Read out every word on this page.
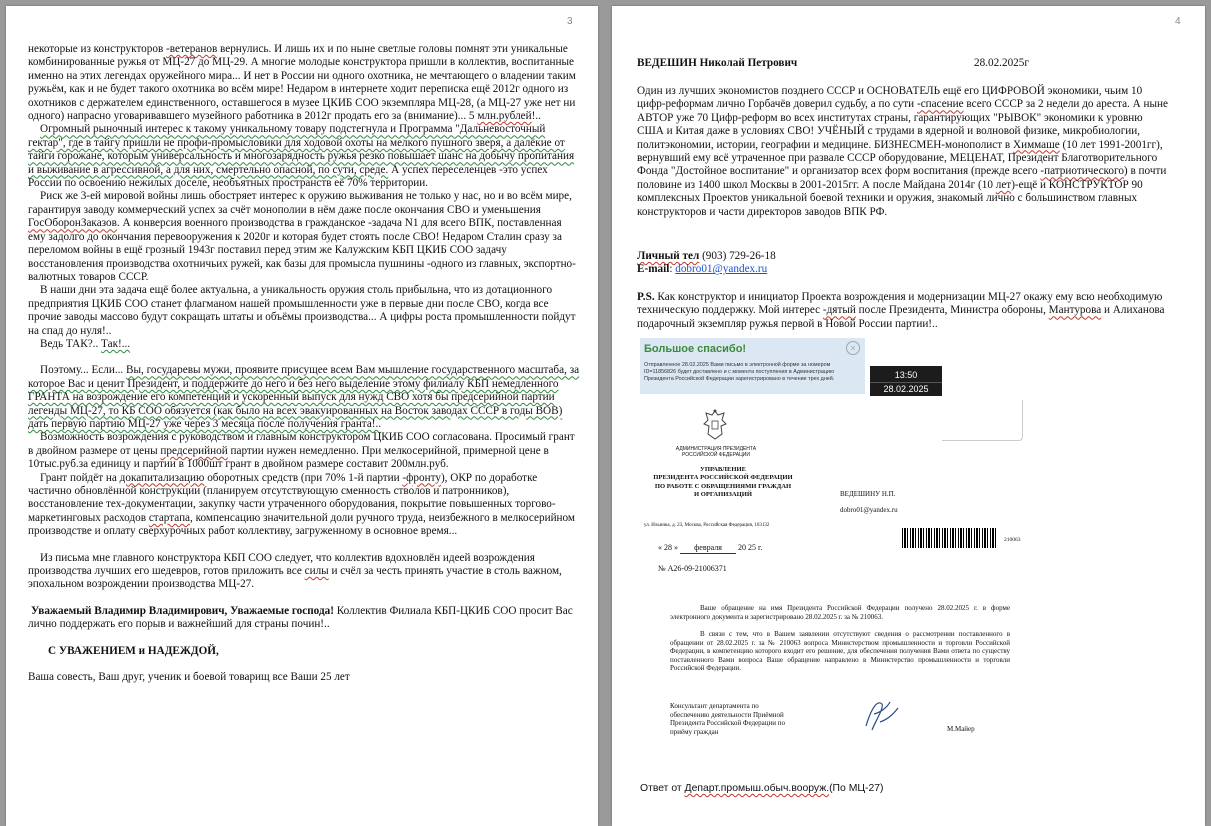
3

некоторые из конструкторов -ветеранов вернулись. И лишь их и по ныне светлые головы помнят эти уникальные комбинированные ружья от МЦ-27 до МЦ-29. А многие молодые конструктора пришли в коллектив, воспитанные именно на этих легендах оружейного мира... И нет в России ни одного охотника, не мечтающего о владении таким ружьём, как и не будет такого охотника во всём мире! Недаром в интернете ходит переписка ещё 2012г одного из охотников с держателем единственного, оставшегося в музее ЦКИБ СОО экземпляра МЦ-28, (а МЦ-27 уже нет ни одного) напрасно уговаривавшего музейного работника в 2012г продать его за (внимание)... 5 млн.рублей!..

Огромный рыночный интерес к такому уникальному товару подстегнула и Программа "Дальневосточный гектар", где в тайгу пришли не профи-промысловики для ходовой охоты на мелкого пушного зверя, а далёкие от тайги горожане, которым универсальность и многозарядность ружья резко повышает шанс на добычу пропитания и выживание в агрессивной, а для них, смертельно опасной, по сути, среде. А успех переселенцев -это успех России по освоению нежилых доселе, необъятных пространств её 70% территории.

Риск же 3-ей мировой войны лишь обостряет интерес к оружию выживания не только у нас, но и во всём мире, гарантируя заводу коммерческий успех за счёт монополии в нём даже после окончания СВО и уменьшения ГосОборонЗаказов. А конверсия военного производства в гражданское -задача N1 для всего ВПК, поставленная ему задолго до окончания перевооружения к 2020г и которая будет стоять после СВО! Недаром Сталин сразу за переломом войны в ещё грозный 1943г поставил перед этим же Калужским КБП ЦКИБ СОО задачу восстановления производства охотничьих ружей, как базы для промысла пушнины -одного из главных, экспортно-валютных товаров СССР.

В наши дни эта задача ещё более актуальна, а уникальность оружия столь прибыльна, что из дотационного предприятия ЦКИБ СОО станет флагманом нашей промышленности уже в первые дни после СВО, когда все прочие заводы массово будут сокращать штаты и объёмы производства... А цифры роста промышленности пойдут на спад до нуля!..

Ведь ТАК?.. Так!...

Поэтому... Если... Вы, государевы мужи, проявите присущее всем Вам мышление государственного масштаба, за которое Вас и ценит Президент, и поддержите до него и без него выделение этому филиалу КБП немедленного ГРАНТА на возрождение его компетенций и ускоренный выпуск для нужд СВО хотя бы предсерийной партии легенды МЦ-27, то КБ СОО обязуется (как было на всех эвакуированных на Восток заводах СССР в годы ВОВ) дать первую партию МЦ-27 уже через 3 месяца после получения гранта!..

Возможность возрождения с руководством и главным конструктором ЦКИБ СОО согласована. Просимый грант в двойном размере от цены предсерийной партии нужен немедленно. При мелкосерийной, примерной цене в 10тыс.руб.за единицу и партии в 1000шт грант в двойном размере составит 200млн.руб.

Грант пойдёт на докапитализацию оборотных средств (при 70% 1-й партии -фронту), ОКР по доработке частично обновлённой конструкции (планируем отсутствующую сменность стволов и патронников), восстановление тех-документации, закупку части утраченного оборудования, покрытие повышенных торгово-маркетинговых расходов стартапа, компенсацию значительной доли ручного труда, неизбежного в мелкосерийном производстве и оплату сверхурочных работ коллективу, загруженному в основное время...

Из письма мне главного конструктора КБП СОО следует, что коллектив вдохновлён идеей возрождения производства лучших его шедевров, готов приложить все силы и счёл за честь принять участие в столь важном, эпохальном возрождении производства МЦ-27.

Уважаемый Владимир Владимирович, Уважаемые господа! Коллектив Филиала КБП-ЦКИБ СОО просит Вас лично поддержать его порыв и важнейший для страны почин!..

С УВАЖЕНИЕМ и НАДЕЖДОЙ,

Ваша совесть, Ваш друг, ученик и боевой товарищ все Ваши 25 лет

4
ВЕДЕШИН Николай Петрович	28.02.2025г

Один из лучших экономистов позднего СССР и ОСНОВАТЕЛЬ ещё его ЦИФРОВОЙ экономики, чьим 10 цифр-реформам лично Горбачёв доверил судьбу, а по сути -спасение всего СССР за 2 недели до ареста. А ныне АВТОР уже 70 Цифр-реформ во всех институтах страны, гарантирующих "РЫВОК" экономики к уровню США и Китая даже в условиях СВО! УЧЁНЫЙ с трудами в ядерной и волновой физике, микробиологии, политэкономии, истории, географии и медицине. БИЗНЕСМЕН-монополист в Химмаше (10 лет 1991-2001гг), вернувший ему всё утраченное при развале СССР оборудование, МЕЦЕНАТ, Президент Благотворительного Фонда "Достойное воспитание" и организатор всех форм воспитания (прежде всего -патриотического) в почти половине из 1400 школ Москвы в 2001-2015гг. А после Майдана 2014г (10 лет)-ещё и КОНСТРУКТОР 90 комплексных Проектов уникальной боевой техники и оружия, знакомый лично с большинством главных конструкторов и части директоров заводов ВПК РФ.

Личный тел (903) 729-26-18

E-mail: dobro01@yandex.ru

P.S. Как конструктор и инициатор Проекта возрождения и модернизации МЦ-27 окажу ему всю необходимую техническую поддержку. Мой интерес -дятый после Президента, Министра обороны, Мантурова и Алиханова подарочный экземпляр ружья первой в Новой России партии!..

Большое спасибо!	×
Отправленное 28.02.2025 Вами письмо в электронной форме за номером ID=11856826 будет доставлено и с момента поступления в Администрацию Президента Российской Федерации зарегистрировано в течение трех дней.	13:50
28.02.2025
АДМИНИСТРАЦИЯ ПРЕЗИДЕНТА
РОССИЙСКОЙ ФЕДЕРАЦИИ
УПРАВЛЕНИЕ
ПРЕЗИДЕНТА РОССИЙСКОЙ ФЕДЕРАЦИИ
ПО РАБОТЕ С ОБРАЩЕНИЯМИ ГРАЖДАН
И ОРГАНИЗАЦИЙ
ул. Ильинка, д. 23, Москва, Российская Федерация, 103132
ВЕДЕШИНУ Н.П.
dobro01@yandex.ru
210063
« 28 » февраля 20 25 г.
№ А26-09-21006371
Ваше обращение на имя Президента Российской Федерации получено 28.02.2025 г. в форме электронного документа и зарегистрировано 28.02.2025 г. за № 210063.
В связи с тем, что в Вашем заявлении отсутствуют сведения о рассмотрении поставленного в обращении от 28.02.2025 г. за № 210063 вопроса Министерством промышленности и торговли Российской Федерации, в компетенцию которого входит его решение, для обеспечения получения Вами ответа по существу поставленного Вами вопроса Ваше обращение направлено в Министерство промышленности и торговли Российской Федерации.
Консультант департамента по
обеспечению деятельности Приёмной
Президента Российской Федерации по
приёму граждан	М.Майер
Ответ от Департ.промыш.обыч.вооруж.(По МЦ-27)
